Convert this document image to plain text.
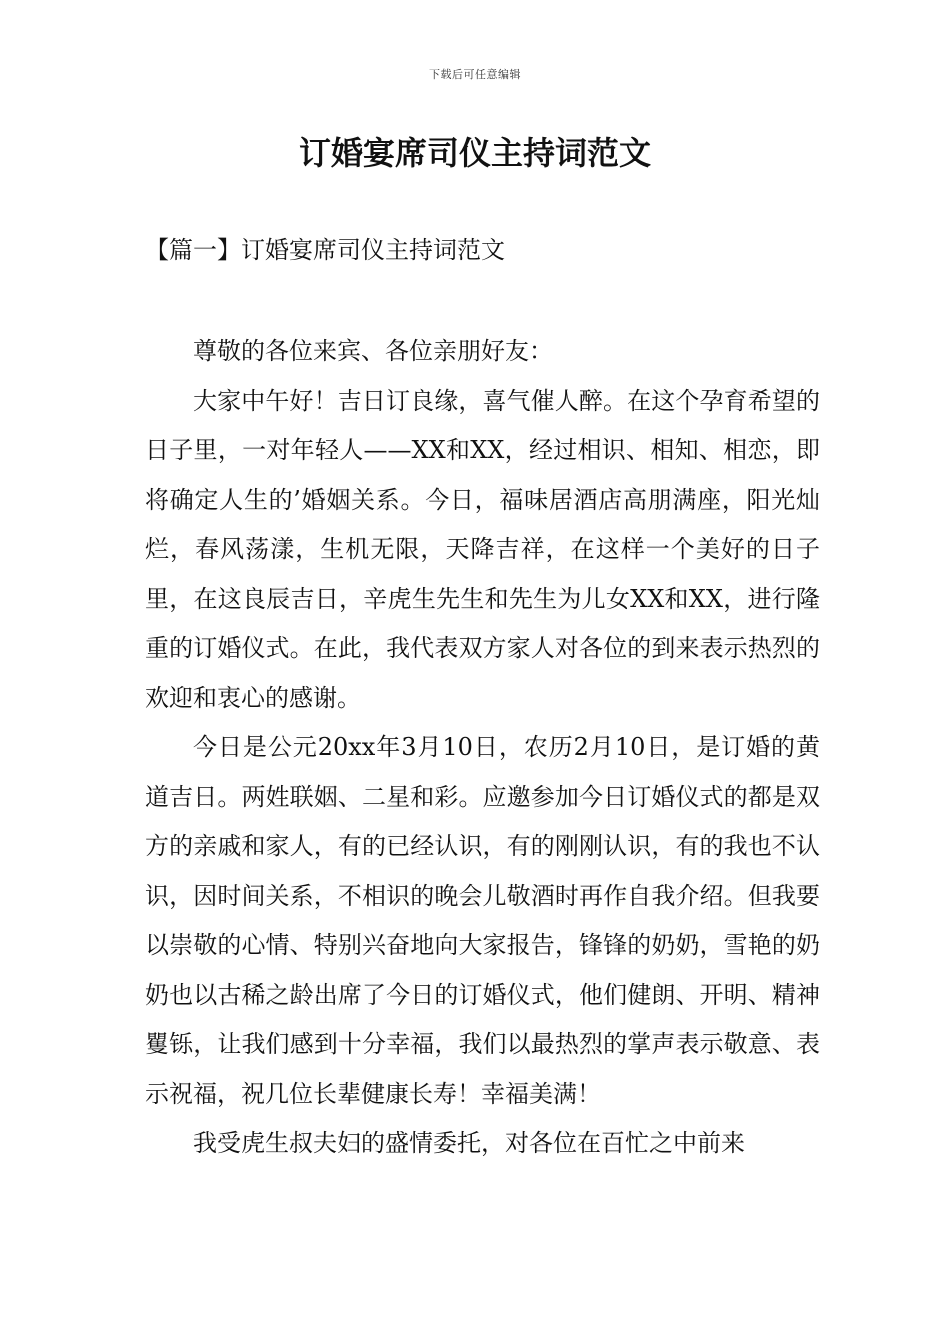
下载后可任意编辑
订婚宴席司仪主持词范文
【篇一】订婚宴席司仪主持词范文

尊敬的各位来宾、各位亲朋好友：

大家中午好！吉日订良缘，喜气催人醉。在这个孕育希望的日子里，一对年轻人——XX和XX，经过相识、相知、相恋，即将确定人生的’婚姻关系。今日，福味居酒店高朋满座，阳光灿烂，春风荡漾，生机无限，天降吉祥，在这样一个美好的日子里，在这良辰吉日，辛虎生先生和先生为儿女XX和XX，进行隆重的订婚仪式。在此，我代表双方家人对各位的到来表示热烈的欢迎和衷心的感谢。

今日是公元20xx年3月10日，农历2月10日，是订婚的黄道吉日。两姓联姻、二星和彩。应邀参加今日订婚仪式的都是双方的亲戚和家人，有的已经认识，有的刚刚认识，有的我也不认识，因时间关系，不相识的晚会儿敬酒时再作自我介绍。但我要以崇敬的心情、特别兴奋地向大家报告，锋锋的奶奶，雪艳的奶奶也以古稀之龄出席了今日的订婚仪式，他们健朗、开明、精神矍铄，让我们感到十分幸福，我们以最热烈的掌声表示敬意、表示祝福，祝几位长辈健康长寿！幸福美满！

我受虎生叔夫妇的盛情委托，对各位在百忙之中前来
